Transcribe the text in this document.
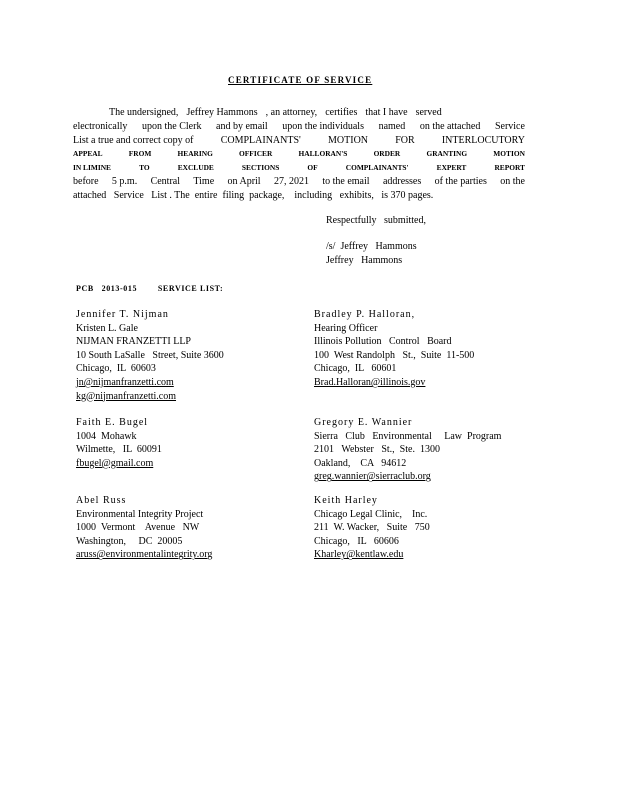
CERTIFICATE OF SERVICE
The undersigned, Jeffrey Hammons , an attorney, certifies that I have served
electronically upon the Clerk and by email upon the individuals named on the attached Service
List a true and correct copy of	COMPLAINANTS'	MOTION	FOR	INTERLOCUTORY
APPEAL	FROM	HEARING	OFFICER	HALLORAN'S	ORDER	GRANTING	MOTION
IN LIMINE	TO	EXCLUDE	SECTIONS	OF	COMPLAINANTS'	EXPERT	REPORT
before 5 p.m. Central Time on April 27, 2021 to the email addresses of the parties on the
attached   Service   List . The  entire  filing  package,    including   exhibits,   is 370 pages.
Respectfully   submitted,
/s/  Jeffrey   Hammons
Jeffrey   Hammons
PCB   2013-015        SERVICE LIST:
Jennifer T. Nijman
Kristen L. Gale
NIJMAN FRANZETTI LLP
10 South LaSalle   Street, Suite 3600
Chicago,  IL  60603
jn@nijmanfranzetti.com
kg@nijmanfranzetti.com
Bradley P. Halloran,
Hearing Officer
Illinois Pollution   Control   Board
100  West Randolph   St.,  Suite  11-500
Chicago,  IL   60601
Brad.Halloran@illinois.gov
Faith E. Bugel
1004  Mohawk
Wilmette,   IL  60091
fbugel@gmail.com
Gregory E. Wannier
Sierra   Club   Environmental     Law  Program
2101   Webster   St.,  Ste.  1300
Oakland,    CA   94612
greg.wannier@sierraclub.org
Abel Russ
Environmental Integrity Project
1000  Vermont    Avenue   NW
Washington,     DC  20005
aruss@environmentalintegrity.org
Keith Harley
Chicago Legal Clinic,    Inc.
211  W. Wacker,   Suite   750
Chicago,   IL   60606
Kharley@kentlaw.edu
